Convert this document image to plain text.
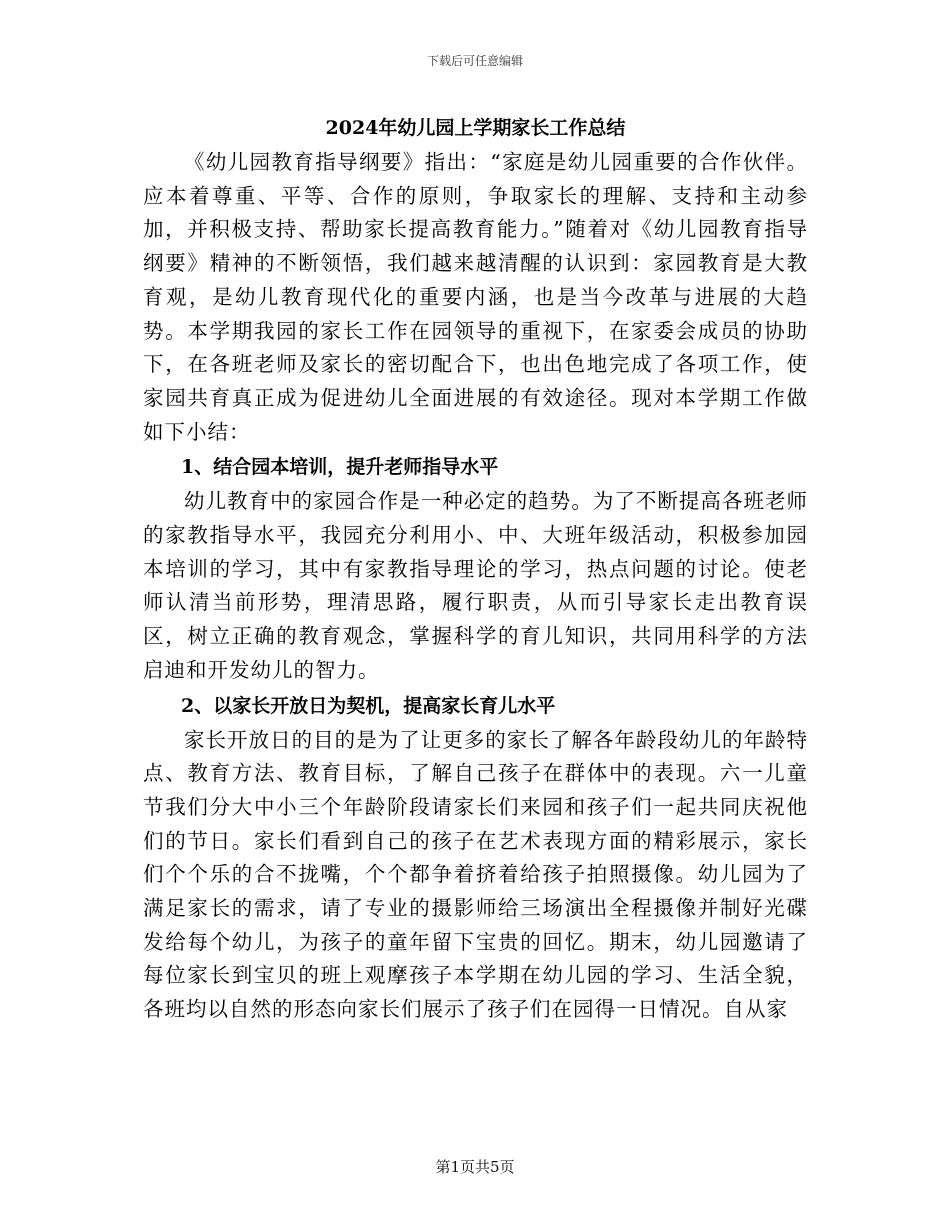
下载后可任意编辑
2024年幼儿园上学期家长工作总结

《幼儿园教育指导纲要》指出：“家庭是幼儿园重要的合作伙伴。应本着尊重、平等、合作的原则，争取家长的理解、支持和主动参加，并积极支持、帮助家长提高教育能力。”随着对《幼儿园教育指导纲要》精神的不断领悟，我们越来越清醒的认识到：家园教育是大教育观，是幼儿教育现代化的重要内涵，也是当今改革与进展的大趋势。本学期我园的家长工作在园领导的重视下，在家委会成员的协助下，在各班老师及家长的密切配合下，也出色地完成了各项工作，使家园共育真正成为促进幼儿全面进展的有效途径。现对本学期工作做如下小结：

1、结合园本培训，提升老师指导水平

幼儿教育中的家园合作是一种必定的趋势。为了不断提高各班老师的家教指导水平，我园充分利用小、中、大班年级活动，积极参加园本培训的学习，其中有家教指导理论的学习，热点问题的讨论。使老师认清当前形势，理清思路，履行职责，从而引导家长走出教育误区，树立正确的教育观念，掌握科学的育儿知识，共同用科学的方法启迪和开发幼儿的智力。

2、以家长开放日为契机，提高家长育儿水平

家长开放日的目的是为了让更多的家长了解各年龄段幼儿的年龄特点、教育方法、教育目标，了解自己孩子在群体中的表现。六一儿童节我们分大中小三个年龄阶段请家长们来园和孩子们一起共同庆祝他们的节日。家长们看到自己的孩子在艺术表现方面的精彩展示，家长们个个乐的合不拢嘴，个个都争着挤着给孩子拍照摄像。幼儿园为了满足家长的需求，请了专业的摄影师给三场演出全程摄像并制好光碟发给每个幼儿，为孩子的童年留下宝贵的回忆。期末，幼儿园邀请了每位家长到宝贝的班上观摩孩子本学期在幼儿园的学习、生活全貌，各班均以自然的形态向家长们展示了孩子们在园得一日情况。自从家

第1页共5页
